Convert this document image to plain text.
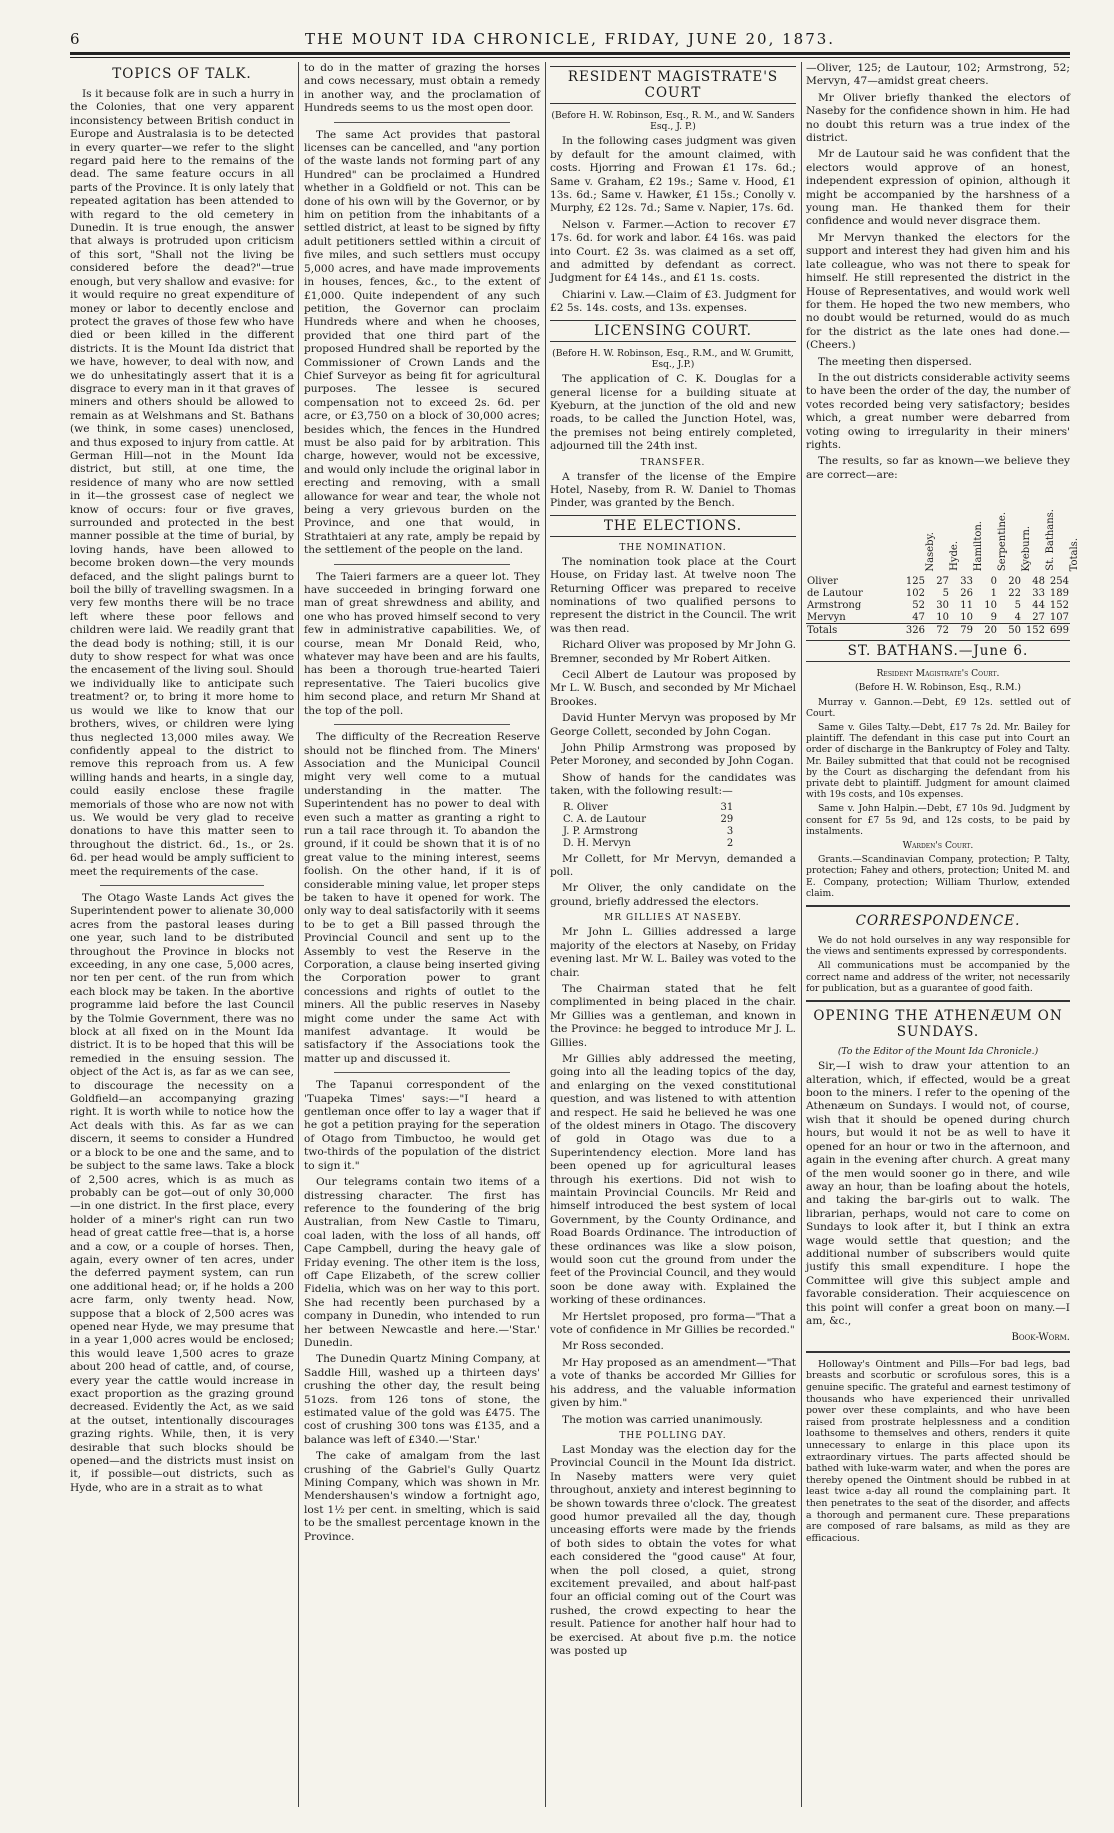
6	THE MOUNT IDA CHRONICLE, FRIDAY, JUNE 20, 1873.
TOPICS OF TALK.

Is it because folk are in such a hurry in the Colonies, that one very apparent inconsistency between British conduct in Europe and Australasia is to be detected in every quarter—we refer to the slight regard paid here to the remains of the dead. The same feature occurs in all parts of the Province. It is only lately that repeated agitation has been attended to with regard to the old cemetery in Dunedin. It is true enough, the answer that always is protruded upon criticism of this sort, "Shall not the living be considered before the dead?"—true enough, but very shallow and evasive: for it would require no great expenditure of money or labor to decently enclose and protect the graves of those few who have died or been killed in the different districts. It is the Mount Ida district that we have, however, to deal with now, and we do unhesitatingly assert that it is a disgrace to every man in it that graves of miners and others should be allowed to remain as at Welshmans and St. Bathans (we think, in some cases) unenclosed, and thus exposed to injury from cattle. At German Hill—not in the Mount Ida district, but still, at one time, the residence of many who are now settled in it—the grossest case of neglect we know of occurs: four or five graves, surrounded and protected in the best manner possible at the time of burial, by loving hands, have been allowed to become broken down—the very mounds defaced, and the slight palings burnt to boil the billy of travelling swagsmen. In a very few months there will be no trace left where these poor fellows and children were laid. We readily grant that the dead body is nothing; still, it is our duty to show respect for what was once the encasement of the living soul. Should we individually like to anticipate such treatment? or, to bring it more home to us would we like to know that our brothers, wives, or children were lying thus neglected 13,000 miles away. We confidently appeal to the district to remove this reproach from us. A few willing hands and hearts, in a single day, could easily enclose these fragile memorials of those who are now not with us. We would be very glad to receive donations to have this matter seen to throughout the district. 6d., 1s., or 2s. 6d. per head would be amply sufficient to meet the requirements of the case.

The Otago Waste Lands Act gives the Superintendent power to alienate 30,000 acres from the pastoral leases during one year, such land to be distributed throughout the Province in blocks not exceeding, in any one case, 5,000 acres, nor ten per cent. of the run from which each block may be taken. In the abortive programme laid before the last Council by the Tolmie Government, there was no block at all fixed on in the Mount Ida district. It is to be hoped that this will be remedied in the ensuing session. The object of the Act is, as far as we can see, to discourage the necessity on a Goldfield—an accompanying grazing right. It is worth while to notice how the Act deals with this. As far as we can discern, it seems to consider a Hundred or a block to be one and the same, and to be subject to the same laws. Take a block of 2,500 acres, which is as much as probably can be got—out of only 30,000—in one district. In the first place, every holder of a miner's right can run two head of great cattle free—that is, a horse and a cow, or a couple of horses. Then, again, every owner of ten acres, under the deferred payment system, can run one additional head; or, if he holds a 200 acre farm, only twenty head. Now, suppose that a block of 2,500 acres was opened near Hyde, we may presume that in a year 1,000 acres would be enclosed; this would leave 1,500 acres to graze about 200 head of cattle, and, of course, every year the cattle would increase in exact proportion as the grazing ground decreased. Evidently the Act, as we said at the outset, intentionally discourages grazing rights. While, then, it is very desirable that such blocks should be opened—and the districts must insist on it, if possible—out districts, such as Hyde, who are in a strait as to what

to do in the matter of grazing the horses and cows necessary, must obtain a remedy in another way, and the proclamation of Hundreds seems to us the most open door.

The same Act provides that pastoral licenses can be cancelled, and "any portion of the waste lands not forming part of any Hundred" can be proclaimed a Hundred whether in a Goldfield or not. This can be done of his own will by the Governor, or by him on petition from the inhabitants of a settled district, at least to be signed by fifty adult petitioners settled within a circuit of five miles, and such settlers must occupy 5,000 acres, and have made improvements in houses, fences, &c., to the extent of £1,000. Quite independent of any such petition, the Governor can proclaim Hundreds where and when he chooses, provided that one third part of the proposed Hundred shall be reported by the Commissioner of Crown Lands and the Chief Surveyor as being fit for agricultural purposes. The lessee is secured compensation not to exceed 2s. 6d. per acre, or £3,750 on a block of 30,000 acres; besides which, the fences in the Hundred must be also paid for by arbitration. This charge, however, would not be excessive, and would only include the original labor in erecting and removing, with a small allowance for wear and tear, the whole not being a very grievous burden on the Province, and one that would, in Strathtaieri at any rate, amply be repaid by the settlement of the people on the land.

The Taieri farmers are a queer lot. They have succeeded in bringing forward one man of great shrewdness and ability, and one who has proved himself second to very few in administrative capabilities. We, of course, mean Mr Donald Reid, who, whatever may have been and are his faults, has been a thorough true-hearted Taieri representative. The Taieri bucolics give him second place, and return Mr Shand at the top of the poll.

The difficulty of the Recreation Reserve should not be flinched from. The Miners' Association and the Municipal Council might very well come to a mutual understanding in the matter. The Superintendent has no power to deal with even such a matter as granting a right to run a tail race through it. To abandon the ground, if it could be shown that it is of no great value to the mining interest, seems foolish. On the other hand, if it is of considerable mining value, let proper steps be taken to have it opened for work. The only way to deal satisfactorily with it seems to be to get a Bill passed through the Provincial Council and sent up to the Assembly to vest the Reserve in the Corporation, a clause being inserted giving the Corporation power to grant concessions and rights of outlet to the miners. All the public reserves in Naseby might come under the same Act with manifest advantage. It would be satisfactory if the Associations took the matter up and discussed it.

The Tapanui correspondent of the 'Tuapeka Times' says:—"I heard a gentleman once offer to lay a wager that if he got a petition praying for the seperation of Otago from Timbuctoo, he would get two-thirds of the population of the district to sign it."

Our telegrams contain two items of a distressing character. The first has reference to the foundering of the brig Australian, from New Castle to Timaru, coal laden, with the loss of all hands, off Cape Campbell, during the heavy gale of Friday evening. The other item is the loss, off Cape Elizabeth, of the screw collier Fidelia, which was on her way to this port. She had recently been purchased by a company in Dunedin, who intended to run her between Newcastle and here.—'Star.' Dunedin.

The Dunedin Quartz Mining Company, at Saddle Hill, washed up a thirteen days' crushing the other day, the result being 51ozs. from 126 tons of stone, the estimated value of the gold was £475. The cost of crushing 300 tons was £135, and a balance was left of £340.—'Star.'

The cake of amalgam from the last crushing of the Gabriel's Gully Quartz Mining Company, which was shown in Mr. Mendershausen's window a fortnight ago, lost 1½ per cent. in smelting, which is said to be the smallest percentage known in the Province.

RESIDENT MAGISTRATE'S COURT

(Before H. W. Robinson, Esq., R. M., and W. Sanders Esq., J. P.)

In the following cases judgment was given by default for the amount claimed, with costs. Hjorring and Frowan £1 17s. 6d.; Same v. Graham, £2 19s.; Same v. Hood, £1 13s. 6d.; Same v. Hawker, £1 15s.; Conolly v. Murphy, £2 12s. 7d.; Same v. Napier, 17s. 6d.

Nelson v. Farmer.—Action to recover £7 17s. 6d. for work and labor. £4 16s. was paid into Court. £2 3s. was claimed as a set off, and admitted by defendant as correct. Judgment for £4 14s., and £1 1s. costs.

Chiarini v. Law.—Claim of £3. Judgment for £2 5s. 14s. costs, and 13s. expenses.

LICENSING COURT.

(Before H. W. Robinson, Esq., R.M., and W. Grumitt, Esq., J.P.)

The application of C. K. Douglas for a general license for a building situate at Kyeburn, at the junction of the old and new roads, to be called the Junction Hotel, was, the premises not being entirely completed, adjourned till the 24th inst.

TRANSFER.

A transfer of the license of the Empire Hotel, Naseby, from R. W. Daniel to Thomas Pinder, was granted by the Bench.

THE ELECTIONS.
THE NOMINATION.

The nomination took place at the Court House, on Friday last. At twelve noon The Returning Officer was prepared to receive nominations of two qualified persons to represent the district in the Council. The writ was then read.

Richard Oliver was proposed by Mr John G. Bremner, seconded by Mr Robert Aitken.

Cecil Albert de Lautour was proposed by Mr L. W. Busch, and seconded by Mr Michael Brookes.

David Hunter Mervyn was proposed by Mr George Collett, seconded by John Cogan.

John Philip Armstrong was proposed by Peter Moroney, and seconded by John Cogan.

Show of hands for the candidates was taken, with the following result:—

R. Oliver	31
C. A. de Lautour	29
J. P. Armstrong	3
D. H. Mervyn	2

Mr Collett, for Mr Mervyn, demanded a poll.

Mr Oliver, the only candidate on the ground, briefly addressed the electors.

MR GILLIES AT NASEBY.

Mr John L. Gillies addressed a large majority of the electors at Naseby, on Friday evening last. Mr W. L. Bailey was voted to the chair.

The Chairman stated that he felt complimented in being placed in the chair. Mr Gillies was a gentleman, and known in the Province: he begged to introduce Mr J. L. Gillies.

Mr Gillies ably addressed the meeting, going into all the leading topics of the day, and enlarging on the vexed constitutional question, and was listened to with attention and respect. He said he believed he was one of the oldest miners in Otago. The discovery of gold in Otago was due to a Superintendency election. More land has been opened up for agricultural leases through his exertions. Did not wish to maintain Provincial Councils. Mr Reid and himself introduced the best system of local Government, by the County Ordinance, and Road Boards Ordinance. The introduction of these ordinances was like a slow poison, would soon cut the ground from under the feet of the Provincial Council, and they would soon be done away with. Explained the working of these ordinances.

Mr Hertslet proposed, pro forma—"That a vote of confidence in Mr Gillies be recorded."

Mr Ross seconded.

Mr Hay proposed as an amendment—"That a vote of thanks be accorded Mr Gillies for his address, and the valuable information given by him."

The motion was carried unanimously.

THE POLLING DAY.

Last Monday was the election day for the Provincial Council in the Mount Ida district. In Naseby matters were very quiet throughout, anxiety and interest beginning to be shown towards three o'clock. The greatest good humor prevailed all the day, though unceasing efforts were made by the friends of both sides to obtain the votes for what each considered the "good cause" At four, when the poll closed, a quiet, strong excitement prevailed, and about half-past four an official coming out of the Court was rushed, the crowd expecting to hear the result. Patience for another half hour had to be exercised. At about five p.m. the notice was posted up

—Oliver, 125; de Lautour, 102; Armstrong, 52; Mervyn, 47—amidst great cheers.

Mr Oliver briefly thanked the electors of Naseby for the confidence shown in him. He had no doubt this return was a true index of the district.

Mr de Lautour said he was confident that the electors would approve of an honest, independent expression of opinion, although it might be accompanied by the harshness of a young man. He thanked them for their confidence and would never disgrace them.

Mr Mervyn thanked the electors for the support and interest they had given him and his late colleague, who was not there to speak for himself. He still represented the district in the House of Representatives, and would work well for them. He hoped the two new members, who no doubt would be returned, would do as much for the district as the late ones had done.—(Cheers.)

The meeting then dispersed.

In the out districts considerable activity seems to have been the order of the day, the number of votes recorded being very satisfactory; besides which, a great number were debarred from voting owing to irregularity in their miners' rights.

The results, so far as known—we believe they are correct—are:

	Naseby.	Hyde.	Hamilton.	Serpentine.	Kyeburn.	St. Bathans.	Totals.

Oliver	125	27	33	0	20	48	254
de Lautour	102	5	26	1	22	33	189
Armstrong	52	30	11	10	5	44	152
Mervyn	47	10	10	9	4	27	107
Totals	326	72	79	20	50	152	699
ST. BATHANS.—June 6.

Resident Magistrate's Court.

(Before H. W. Robinson, Esq., R.M.)

Murray v. Gannon.—Debt, £9 12s. settled out of Court.

Same v. Giles Talty.—Debt, £17 7s 2d. Mr. Bailey for plaintiff. The defendant in this case put into Court an order of discharge in the Bankruptcy of Foley and Talty. Mr. Bailey submitted that that could not be recognised by the Court as discharging the defendant from his private debt to plaintiff. Judgment for amount claimed with 19s costs, and 10s expenses.

Same v. John Halpin.—Debt, £7 10s 9d. Judgment by consent for £7 5s 9d, and 12s costs, to be paid by instalments.

Warden's Court.

Grants.—Scandinavian Company, protection; P. Talty, protection; Fahey and others, protection; United M. and E. Company, protection; William Thurlow, extended claim.

CORRESPONDENCE.

We do not hold ourselves in any way responsible for the views and sentiments expressed by correspondents.

All communications must be accompanied by the correct name and address of the writer, not necessarily for publication, but as a guarantee of good faith.

OPENING THE ATHENÆUM ON SUNDAYS.

(To the Editor of the Mount Ida Chronicle.)

Sir,—I wish to draw your attention to an alteration, which, if effected, would be a great boon to the miners. I refer to the opening of the Athenæum on Sundays. I would not, of course, wish that it should be opened during church hours, but would it not be as well to have it opened for an hour or two in the afternoon, and again in the evening after church. A great many of the men would sooner go in there, and wile away an hour, than be loafing about the hotels, and taking the bar-girls out to walk. The librarian, perhaps, would not care to come on Sundays to look after it, but I think an extra wage would settle that question; and the additional number of subscribers would quite justify this small expenditure. I hope the Committee will give this subject ample and favorable consideration. Their acquiescence on this point will confer a great boon on many.—I am, &c.,

Book-Worm.

Holloway's Ointment and Pills—For bad legs, bad breasts and scorbutic or scrofulous sores, this is a genuine specific. The grateful and earnest testimony of thousands who have experienced their unrivalled power over these complaints, and who have been raised from prostrate helplessness and a condition loathsome to themselves and others, renders it quite unnecessary to enlarge in this place upon its extraordinary virtues. The parts affected should be bathed with luke-warm water, and when the pores are thereby opened the Ointment should be rubbed in at least twice a-day all round the complaining part. It then penetrates to the seat of the disorder, and affects a thorough and permanent cure. These preparations are composed of rare balsams, as mild as they are efficacious.
